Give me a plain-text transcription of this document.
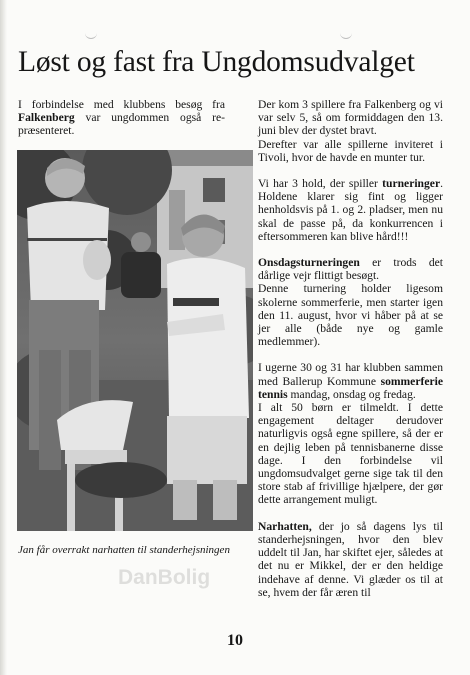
Løst og fast fra Ungdomsudvalget

I forbindelse med klubbens besøg fra Falkenberg var ungdommen også re-præsenteret.

Jan får overrakt narhatten til standerhejsningen

Der kom 3 spillere fra Falkenberg og vi var selv 5, så om formiddagen den 13. juni blev der dystet bravt.

Derefter var alle spillerne inviteret i Tivoli, hvor de havde en munter tur.

Vi har 3 hold, der spiller turneringer. Holdene klarer sig fint og ligger henholdsvis på 1. og 2. pladser, men nu skal de passe på, da konkurrencen i eftersommeren kan blive hård!!!

Onsdagsturneringen er trods det dårlige vejr flittigt besøgt.

Denne turnering holder ligesom skolerne sommerferie, men starter igen den 11. august, hvor vi håber på at se jer alle (både nye og gamle medlemmer).

I ugerne 30 og 31 har klubben sammen med Ballerup Kommune sommerferie tennis mandag, onsdag og fredag.

I alt 50 børn er tilmeldt. I dette engagement deltager derudover naturligvis også egne spillere, så der er en dejlig leben på tennisbanerne disse dage. I den forbindelse vil ungdomsudvalget gerne sige tak til den store stab af frivillige hjælpere, der gør dette arrangement muligt.

Narhatten, der jo så dagens lys til standerhejsningen, hvor den blev uddelt til Jan, har skiftet ejer, således at det nu er Mikkel, der er den heldige indehave af denne. Vi glæder os til at se, hvem der får æren til

DanBolig
10
